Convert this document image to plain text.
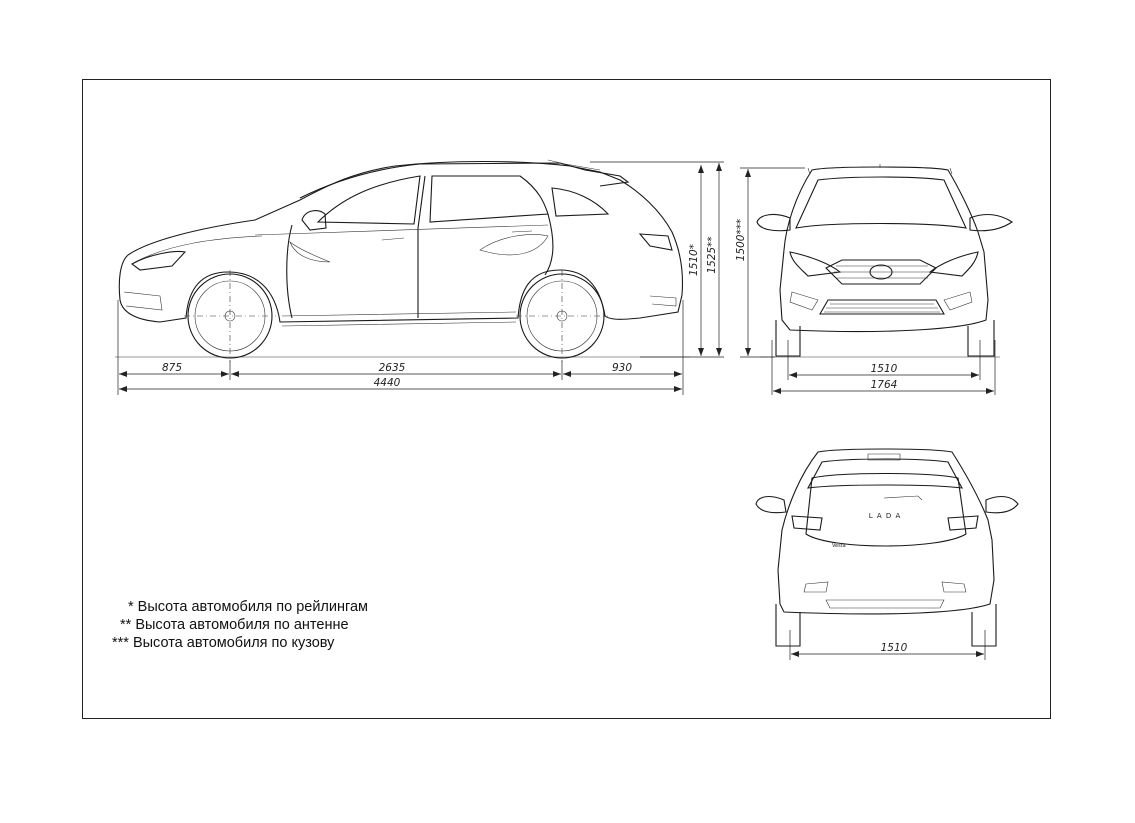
875	2635	930
4440
1510* 1525** 1500***
1510
1764
L A D A
Vesta
1510
* Высота автомобиля по рейлингам
** Высота автомобиля по антенне
*** Высота автомобиля по кузову
